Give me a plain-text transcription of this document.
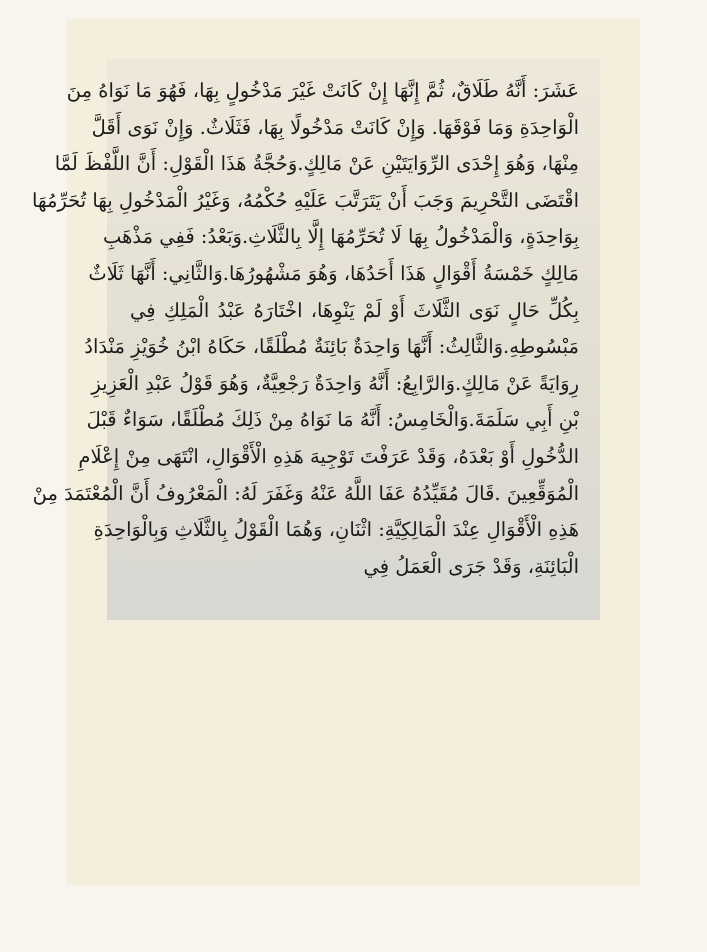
عَشَرَ: أَنَّهُ طَلَاقٌ، ثُمَّ إِنَّهَا إِنْ كَانَتْ غَيْرَ مَدْخُولٍ بِهَا، فَهُوَ مَا نَوَاهُ مِنَ
الْوَاحِدَةِ وَمَا فَوْقَهَا. وَإِنْ كَانَتْ مَدْخُولًا بِهَا، فَثَلَاثٌ. وَإِنْ نَوَى أَقَلَّ
مِنْهَا، وَهُوَ إِحْدَى الرِّوَايَتَيْنِ عَنْ مَالِكٍ.وَحُجَّةُ هَذَا الْقَوْلِ: أَنَّ اللَّفْظَ لَمَّا
اقْتَضَى التَّحْرِيمَ وَجَبَ أَنْ يَتَرَتَّبَ عَلَيْهِ حُكْمُهُ، وَغَيْرُ الْمَدْخُولِ بِهَا تُحَرِّمُهَا
بِوَاحِدَةٍ، وَالْمَدْخُولُ بِهَا لَا تُحَرِّمُهَا إِلَّا بِالثَّلَاثِ.وَبَعْدُ: فَفِي مَذْهَبِ
مَالِكٍ خَمْسَةُ أَقْوَالٍ هَذَا أَحَدُهَا، وَهُوَ مَشْهُورُهَا.وَالثَّانِي: أَنَّهَا ثَلَاثٌ
بِكُلِّ حَالٍ نَوَى الثَّلَاثَ أَوْ لَمْ يَنْوِهَا، اخْتَارَهُ عَبْدُ الْمَلِكِ فِي
مَبْسُوطِهِ.وَالثَّالِثُ: أَنَّهَا وَاحِدَةٌ بَائِنَةٌ مُطْلَقًا، حَكَاهُ ابْنُ خُوَيْزِ مَنْدَادُ
رِوَايَةً عَنْ مَالِكٍ.وَالرَّابِعُ: أَنَّهُ وَاحِدَةٌ رَجْعِيَّةٌ، وَهُوَ قَوْلُ عَبْدِ الْعَزِيزِ
بْنِ أَبِي سَلَمَةَ.وَالْخَامِسُ: أَنَّهُ مَا نَوَاهُ مِنْ ذَلِكَ مُطْلَقًا، سَوَاءٌ قَبْلَ
الدُّخُولِ أَوْ بَعْدَهُ، وَقَدْ عَرَفْتَ تَوْجِيهَ هَذِهِ الْأَقْوَالِ، انْتَهَى مِنْ إِعْلَامِ
الْمُوَقِّعِينَ .قَالَ مُقَيِّدُهُ عَفَا اللَّهُ عَنْهُ وَغَفَرَ لَهُ: الْمَعْرُوفُ أَنَّ الْمُعْتَمَدَ مِنْ
هَذِهِ الْأَقْوَالِ عِنْدَ الْمَالِكِيَّةِ: اثْنَانِ، وَهُمَا الْقَوْلُ بِالثَّلَاثِ وَبِالْوَاحِدَةِ
الْبَائِنَةِ، وَقَدْ جَرَى الْعَمَلُ فِي
